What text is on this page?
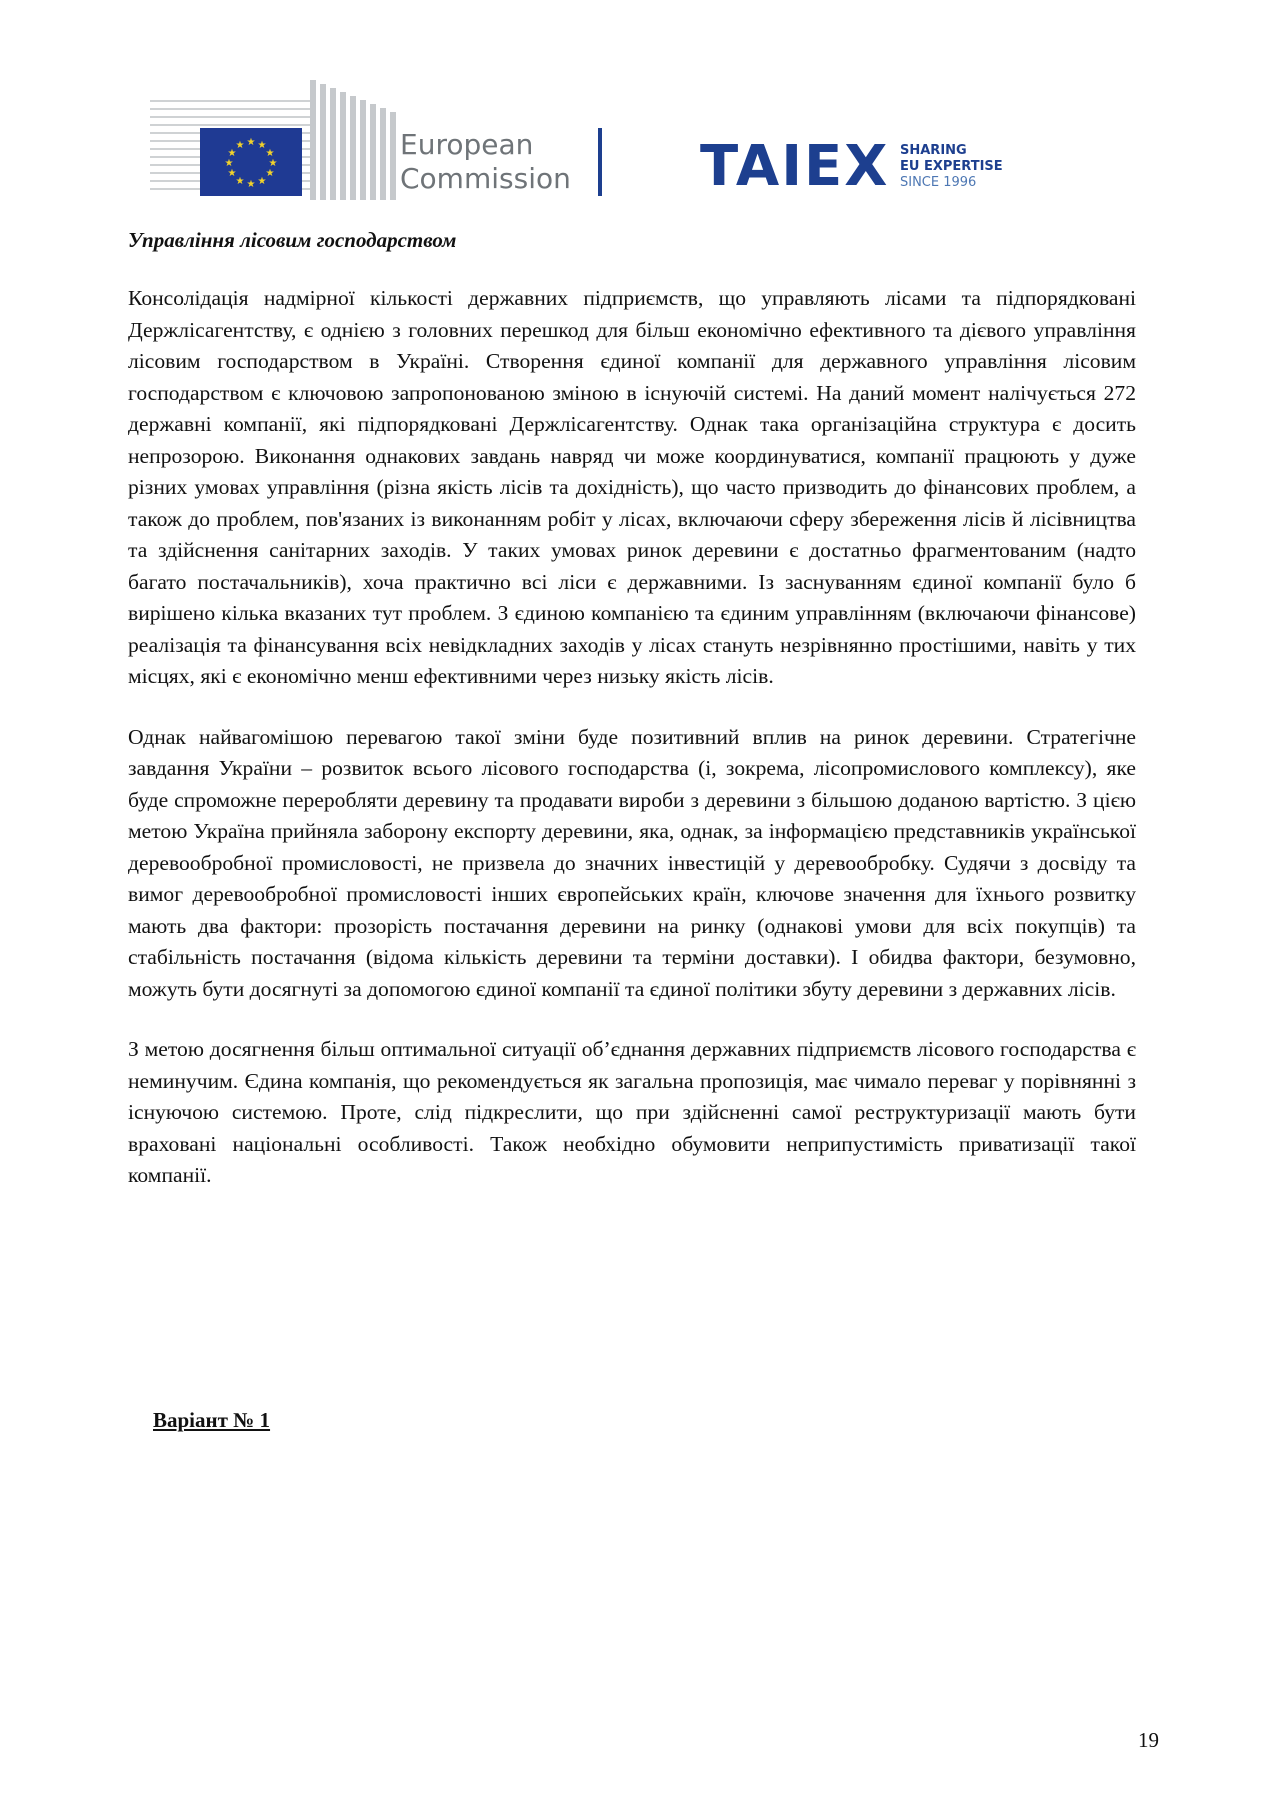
★ ★
★
★
★
★
★
★
★
★
★
★	European
Commission TAIEX SHARING
EU EXPERTISE
SINCE 1996
Управління лісовим господарством

Консолідація надмірної кількості державних підприємств, що управляють лісами та підпорядковані Держлісагентству, є однією з головних перешкод для більш економічно ефективного та дієвого управління лісовим господарством в Україні. Створення єдиної компанії для державного управління лісовим господарством є ключовою запропонованою зміною в існуючій системі. На даний момент налічується 272 державні компанії, які підпорядковані Держлісагентству. Однак така організаційна структура є досить непрозорою. Виконання однакових завдань навряд чи може координуватися, компанії працюють у дуже різних умовах управління (різна якість лісів та дохідність), що часто призводить до фінансових проблем, а також до проблем, пов'язаних із виконанням робіт у лісах, включаючи сферу збереження лісів й лісівництва та здійснення санітарних заходів. У таких умовах ринок деревини є достатньо фрагментованим (надто багато постачальників), хоча практично всі ліси є державними. Із заснуванням єдиної компанії було б вирішено кілька вказаних тут проблем. З єдиною компанією та єдиним управлінням (включаючи фінансове) реалізація та фінансування всіх невідкладних заходів у лісах стануть незрівнянно простішими, навіть у тих місцях, які є економічно менш ефективними через низьку якість лісів.

Однак найвагомішою перевагою такої зміни буде позитивний вплив на ринок деревини. Стратегічне завдання України – розвиток всього лісового господарства (і, зокрема, лісопромислового комплексу), яке буде спроможне переробляти деревину та продавати вироби з деревини з більшою доданою вартістю. З цією метою Україна прийняла заборону експорту деревини, яка, однак, за інформацією представників української деревообробної промисловості, не призвела до значних інвестицій у деревообробку. Судячи з досвіду та вимог деревообробної промисловості інших європейських країн, ключове значення для їхнього розвитку мають два фактори: прозорість постачання деревини на ринку (однакові умови для всіх покупців) та стабільність постачання (відома кількість деревини та терміни доставки). І обидва фактори, безумовно, можуть бути досягнуті за допомогою єдиної компанії та єдиної політики збуту деревини з державних лісів.

З метою досягнення більш оптимальної ситуації об’єднання державних підприємств лісового господарства є неминучим. Єдина компанія, що рекомендується як загальна пропозиція, має чимало переваг у порівнянні з існуючою системою. Проте, слід підкреслити, що при здійсненні самої реструктуризації мають бути враховані національні особливості. Також необхідно обумовити неприпустимість приватизації такої компанії.

Варіант № 1
19
